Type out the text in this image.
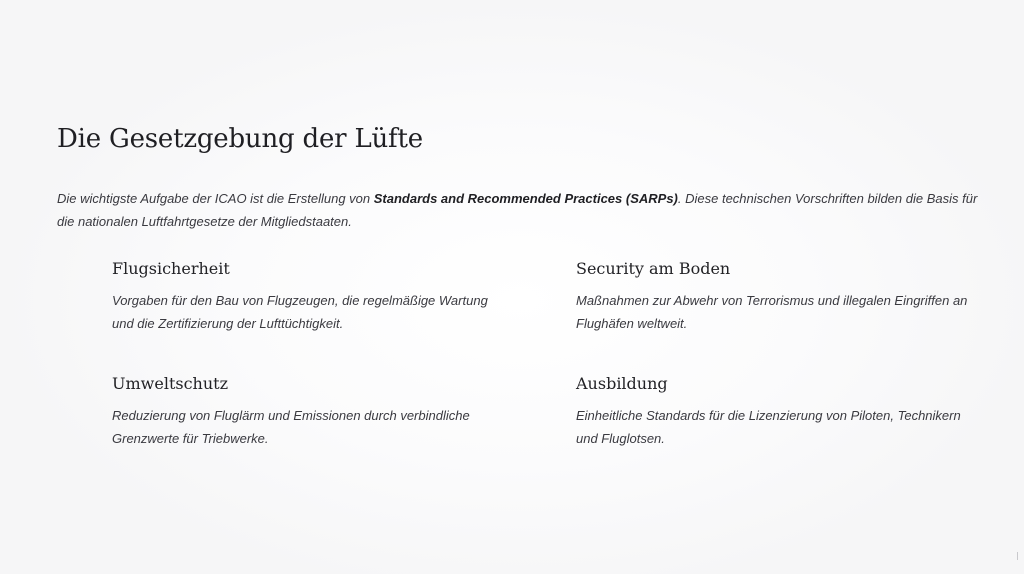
Die Gesetzgebung der Lüfte

Die wichtigste Aufgabe der ICAO ist die Erstellung von Standards and Recommended Practices (SARPs). Diese technischen Vorschriften bilden die Basis für die nationalen Luftfahrtgesetze der Mitgliedstaaten.

Flugsicherheit

Vorgaben für den Bau von Flugzeugen, die regelmäßige Wartung und die Zertifizierung der Lufttüchtigkeit.

Security am Boden

Maßnahmen zur Abwehr von Terrorismus und illegalen Eingriffen an Flughäfen weltweit.

Umweltschutz

Reduzierung von Fluglärm und Emissionen durch verbindliche Grenzwerte für Triebwerke.

Ausbildung

Einheitliche Standards für die Lizenzierung von Piloten, Technikern und Fluglotsen.
